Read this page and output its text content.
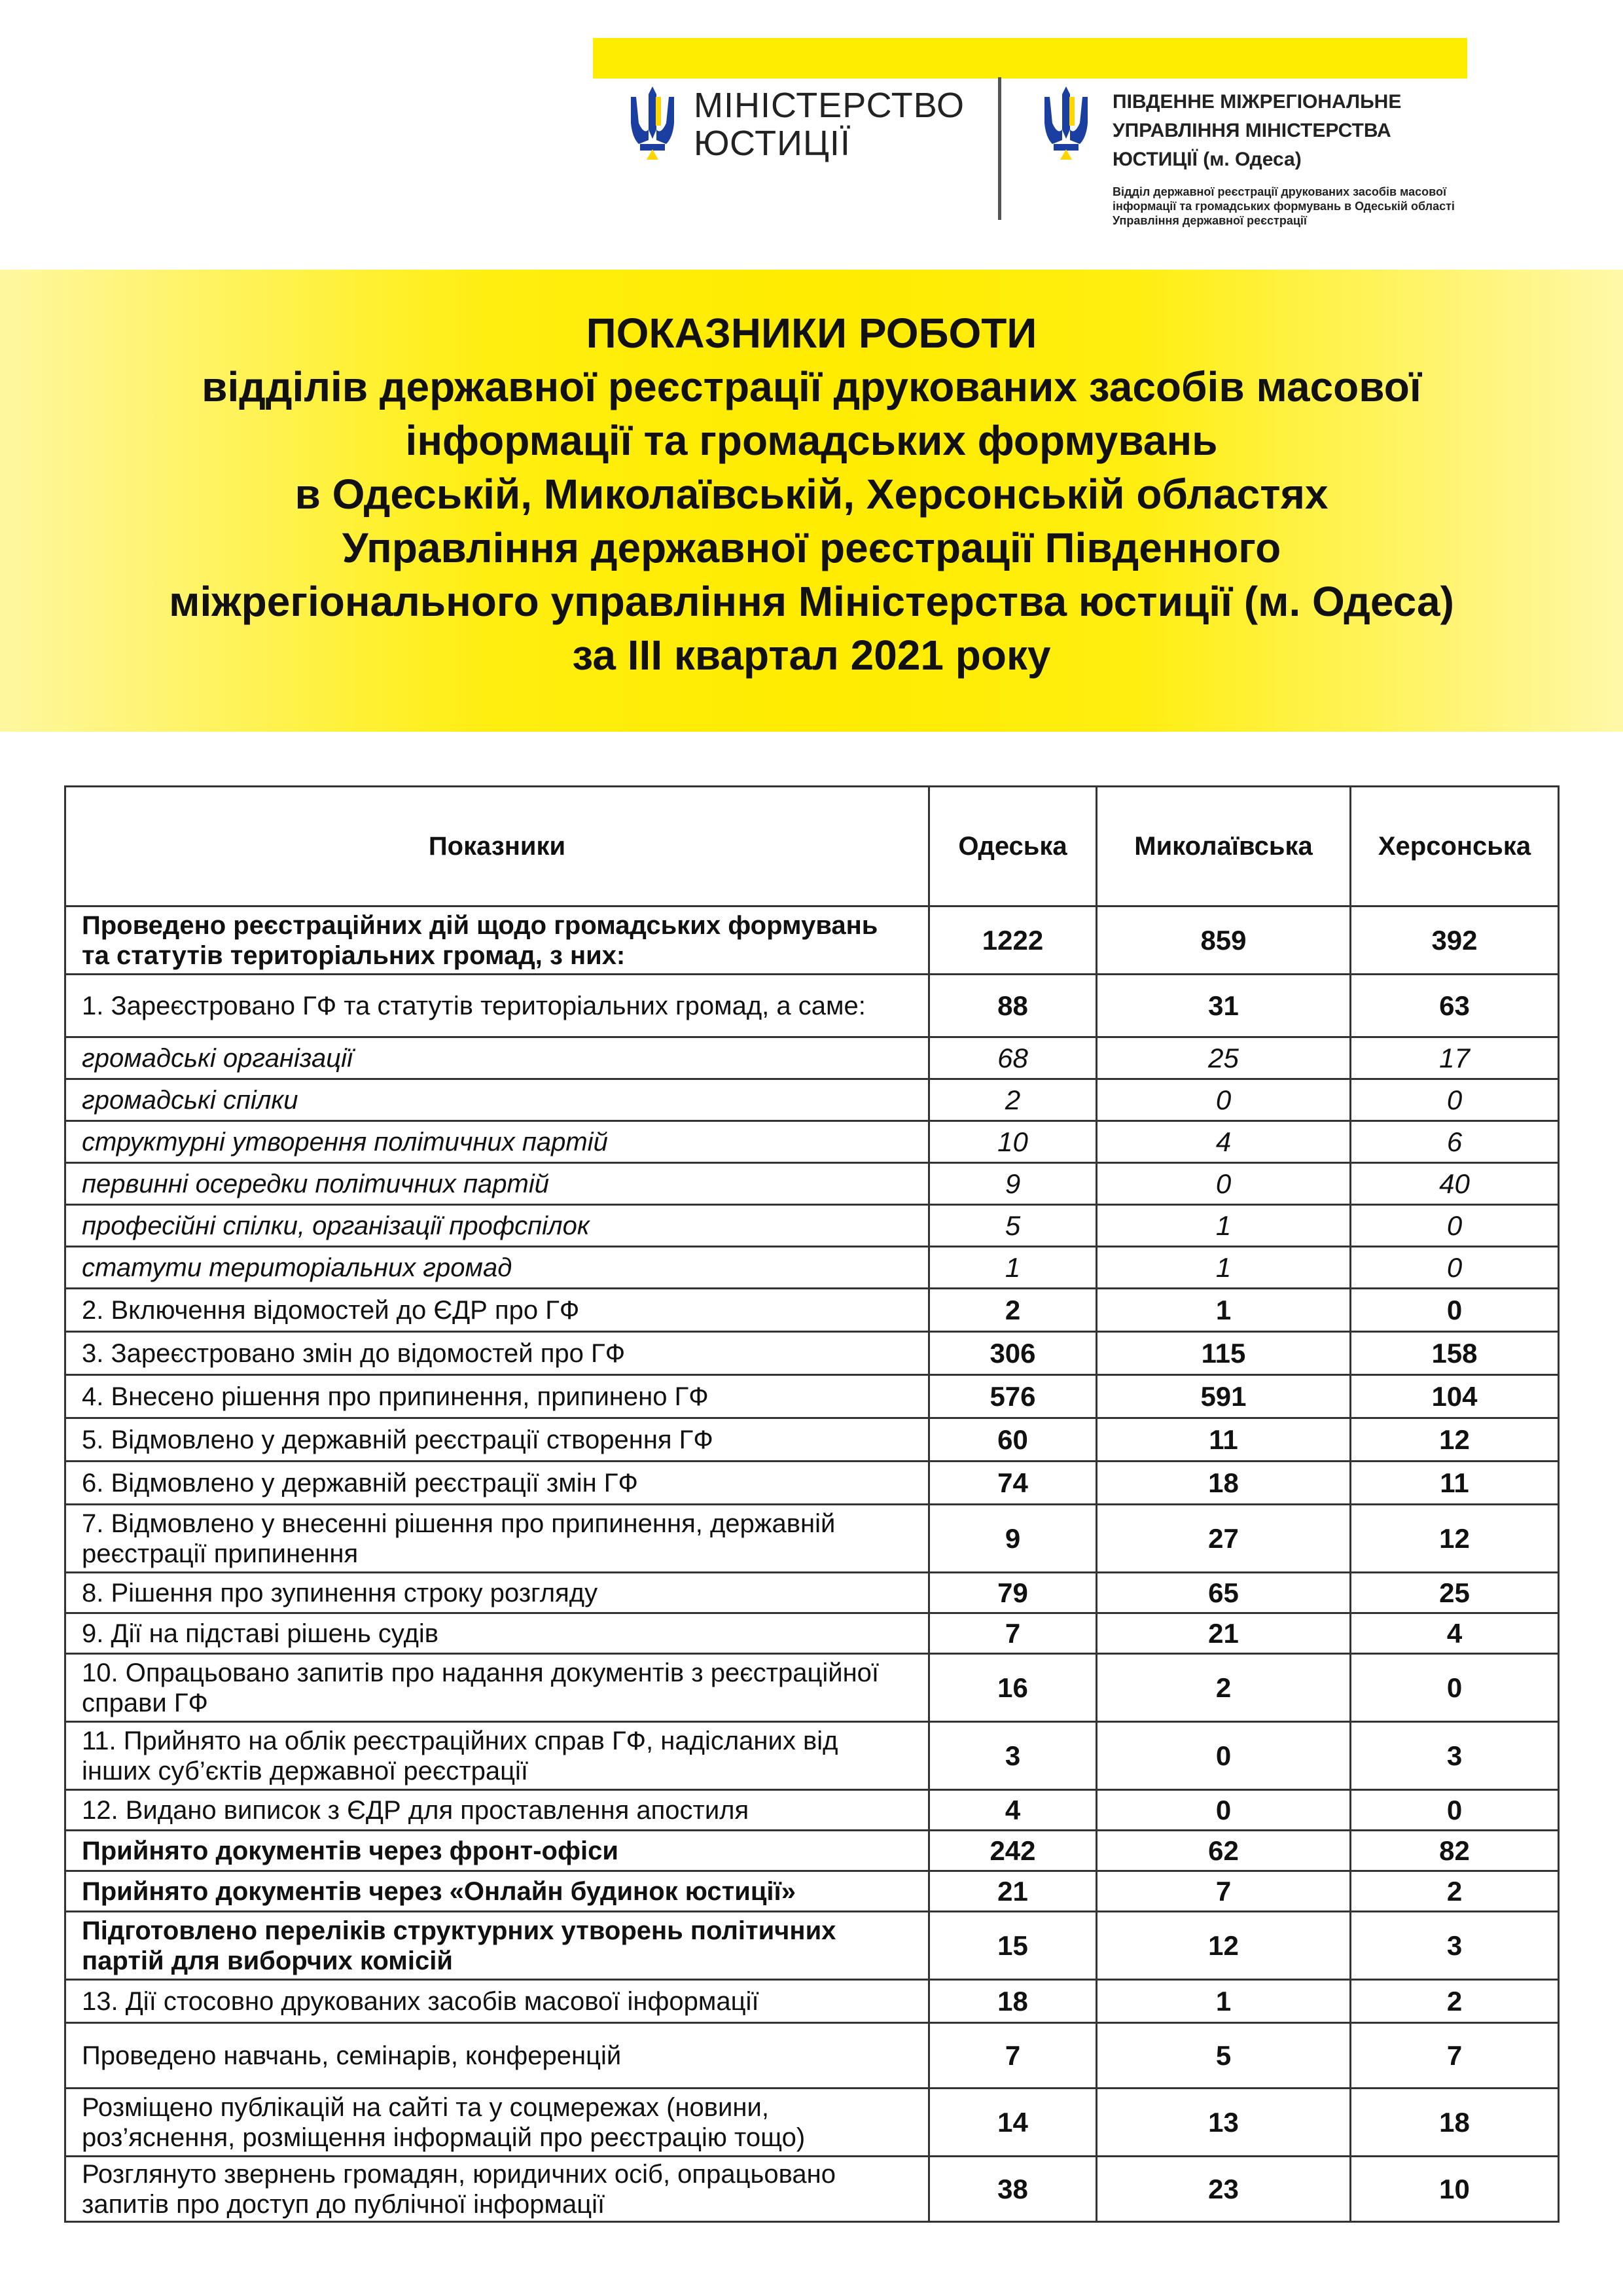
МІНІСТЕРСТВО ЮСТИЦІЇ
ПІВДЕННЕ МІЖРЕГІОНАЛЬНЕ УПРАВЛІННЯ МІНІСТЕРСТВА ЮСТИЦІЇ (м. Одеса)
Відділ державної реєстрації друкованих засобів масової інформації та громадських формувань в Одеській області Управління державної реєстрації
ПОКАЗНИКИ РОБОТИ
відділів державної реєстрації друкованих засобів масової
інформації та громадських формувань
в Одеській, Миколаївській, Херсонській областях
Управління державної реєстрації Південного
міжрегіонального управління Міністерства юстиції (м. Одеса)
за ІІІ квартал 2021 року
Показники	Одеська	Миколаївська	Херсонська
Проведено реєстраційних дій щодо громадських формувань та статутів територіальних громад, з них:	1222	859	392
1. Зареєстровано ГФ та статутів територіальних громад, а саме:	88	31	63
громадські організації	68	25	17
громадські спілки	2	0	0
структурні утворення політичних партій	10	4	6
первинні осередки політичних партій	9	0	40
професійні спілки, організації профспілок	5	1	0
статути територіальних громад	1	1	0
2. Включення відомостей до ЄДР про ГФ	2	1	0
3. Зареєстровано змін до відомостей про ГФ	306	115	158
4. Внесено рішення про припинення, припинено ГФ	576	591	104
5. Відмовлено у державній реєстрації створення ГФ	60	11	12
6. Відмовлено у державній реєстрації змін ГФ	74	18	11
7. Відмовлено у внесенні рішення про припинення, державній реєстрації припинення	9	27	12
8. Рішення про зупинення строку розгляду	79	65	25
9. Дії на підставі рішень судів	7	21	4
10. Опрацьовано запитів про надання документів з реєстраційної справи ГФ	16	2	0
11. Прийнято на облік реєстраційних справ ГФ, надісланих від інших суб’єктів державної реєстрації	3	0	3
12. Видано виписок з ЄДР для проставлення апостиля	4	0	0
Прийнято документів через фронт-офіси	242	62	82
Прийнято документів через «Онлайн будинок юстиції»	21	7	2
Підготовлено переліків структурних утворень політичних партій для виборчих комісій	15	12	3
13. Дії стосовно друкованих засобів масової інформації	18	1	2
Проведено навчань, семінарів, конференцій	7	5	7
Розміщено публікацій на сайті та у соцмережах (новини, роз’яснення, розміщення інформацій про реєстрацію тощо)	14	13	18
Розглянуто звернень громадян, юридичних осіб, опрацьовано запитів про доступ до публічної інформації	38	23	10
